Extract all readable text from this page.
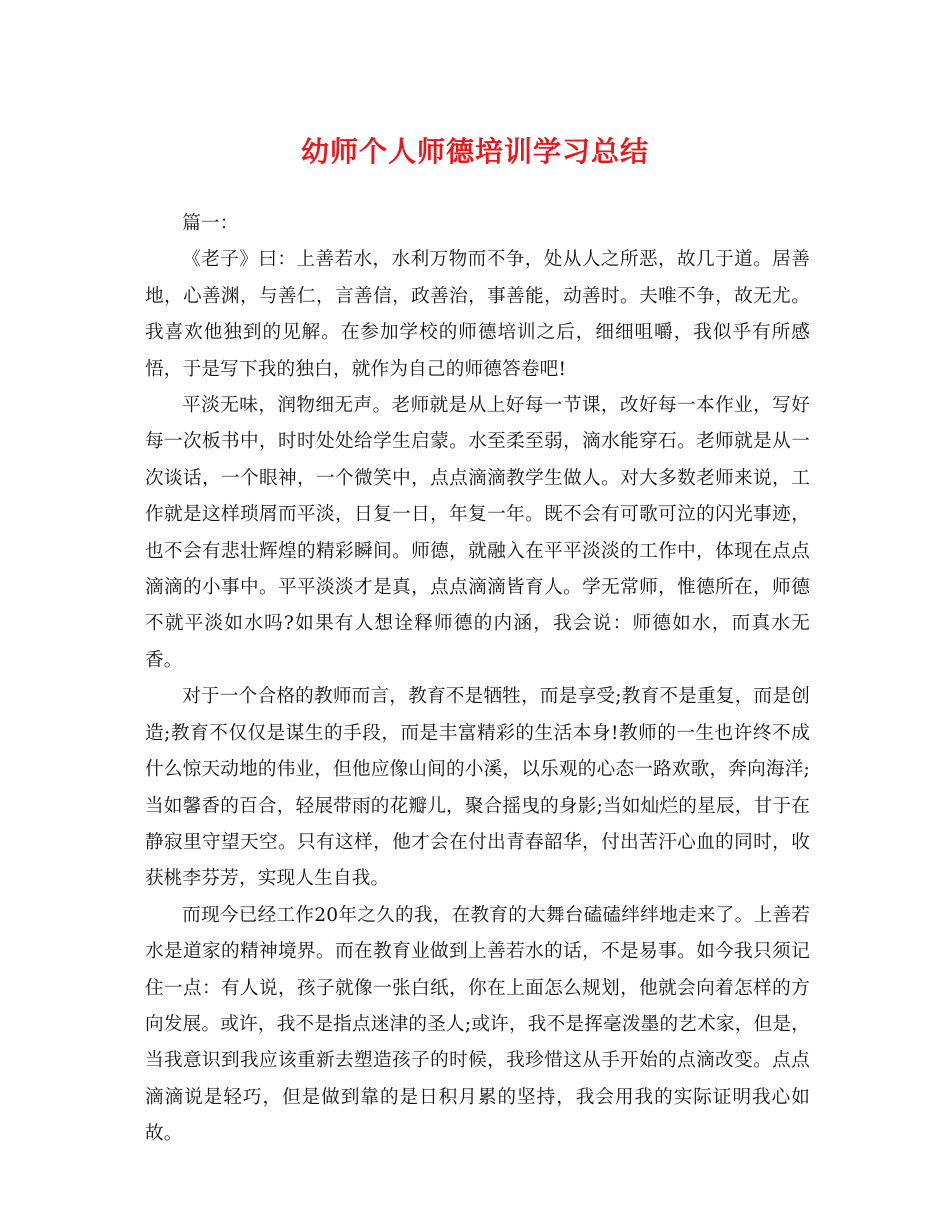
幼师个人师德培训学习总结

篇一：

《老子》曰：上善若水，水利万物而不争，处从人之所恶，故几于道。居善地，心善渊，与善仁，言善信，政善治，事善能，动善时。夫唯不争，故无尤。我喜欢他独到的见解。在参加学校的师德培训之后，细细咀嚼，我似乎有所感悟，于是写下我的独白，就作为自己的师德答卷吧!

平淡无味，润物细无声。老师就是从上好每一节课，改好每一本作业，写好每一次板书中，时时处处给学生启蒙。水至柔至弱，滴水能穿石。老师就是从一次谈话，一个眼神，一个微笑中，点点滴滴教学生做人。对大多数老师来说，工作就是这样琐屑而平淡，日复一日，年复一年。既不会有可歌可泣的闪光事迹，也不会有悲壮辉煌的精彩瞬间。师德，就融入在平平淡淡的工作中，体现在点点滴滴的小事中。平平淡淡才是真，点点滴滴皆育人。学无常师，惟德所在，师德不就平淡如水吗?如果有人想诠释师德的内涵，我会说：师德如水，而真水无香。

对于一个合格的教师而言，教育不是牺牲，而是享受;教育不是重复，而是创造;教育不仅仅是谋生的手段，而是丰富精彩的生活本身!教师的一生也许终不成什么惊天动地的伟业，但他应像山间的小溪，以乐观的心态一路欢歌，奔向海洋;当如馨香的百合，轻展带雨的花瓣儿，聚合摇曳的身影;当如灿烂的星辰，甘于在静寂里守望天空。只有这样，他才会在付出青春韶华，付出苦汗心血的同时，收获桃李芬芳，实现人生自我。

而现今已经工作20年之久的我，在教育的大舞台磕磕绊绊地走来了。上善若水是道家的精神境界。而在教育业做到上善若水的话，不是易事。如今我只须记住一点：有人说，孩子就像一张白纸，你在上面怎么规划，他就会向着怎样的方向发展。或许，我不是指点迷津的圣人;或许，我不是挥毫泼墨的艺术家，但是，当我意识到我应该重新去塑造孩子的时候，我珍惜这从手开始的点滴改变。点点滴滴说是轻巧，但是做到靠的是日积月累的坚持，我会用我的实际证明我心如故。
